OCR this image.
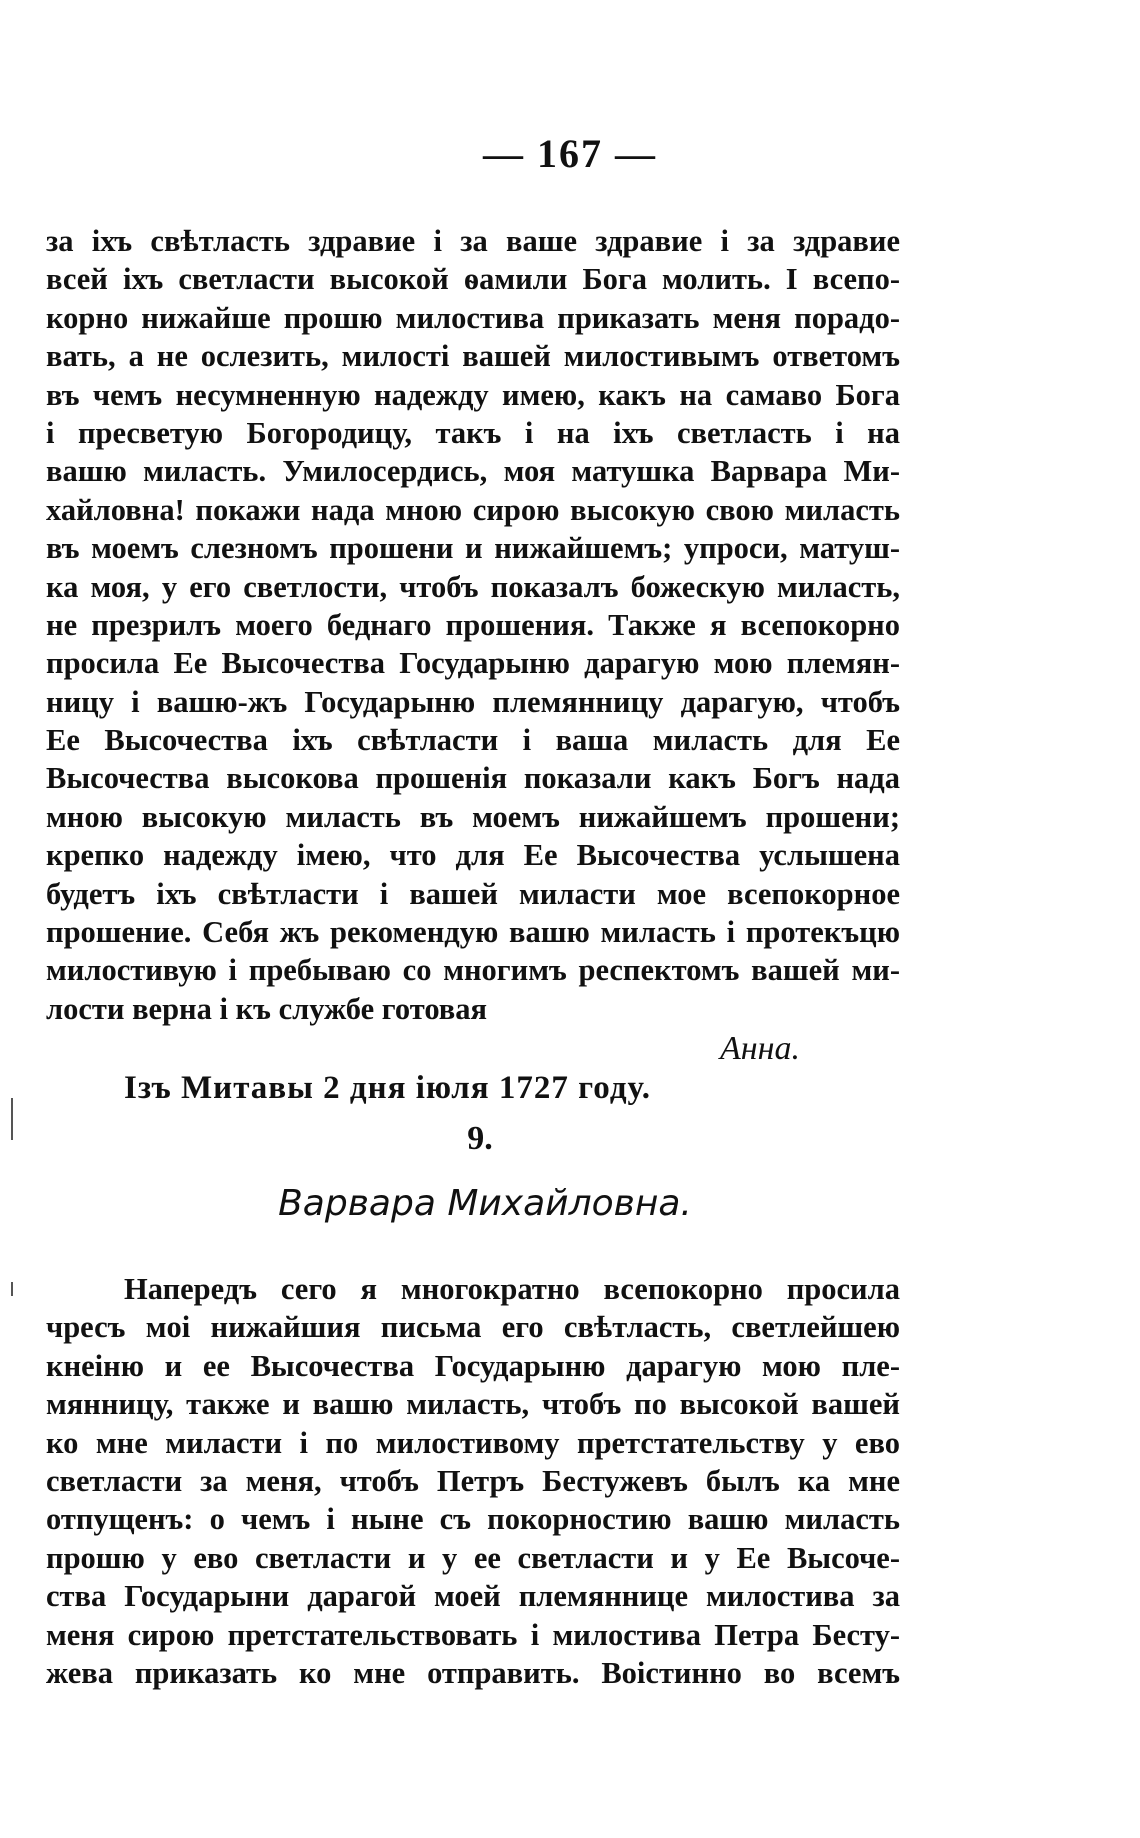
— 167 —
за іхъ свѣтласть здравие і за ваше здравие і за здравие
всей іхъ светласти высокой ѳамили Бога молить. І всепо-
корно нижайше прошю милостива приказать меня порадо-
вать, а не ослезить, милості вашей милостивымъ ответомъ
въ чемъ несумненную надежду имею, какъ на самаво Бога
і пресветую Богородицу, такъ і на іхъ светласть і на
вашю миласть. Умилосердись, моя матушка Варвара Ми-
хайловна! покажи нада мною сирою высокую свою миласть
въ моемъ слезномъ прошени и нижайшемъ; упроси, матуш-
ка моя, у его светлости, чтобъ показалъ божескую миласть,
не презрилъ моего беднаго прошения. Также я всепокорно
просила Ее Высочества Государыню дарагую мою племян-
ницу і вашю-жъ Государыню племянницу дарагую, чтобъ
Ее Высочества іхъ свѣтласти і ваша миласть для Ее
Высочества высокова прошенія показали какъ Богъ нада
мною высокую миласть въ моемъ нижайшемъ прошени;
крепко надежду імею, что для Ее Высочества услышена
будетъ іхъ свѣтласти і вашей миласти мое всепокорное
прошение. Себя жъ рекомендую вашю миласть і протекъцю
милостивую і пребываю со многимъ респектомъ вашей ми-
лости верна і къ службе готовая
Анна.
Ізъ Митавы 2 дня іюля 1727 году.
9.
Варвара Михайловна.
Напередъ сего я многократно всепокорно просила
чресъ мoі нижайшия письма его свѣтласть, светлейшею
кнеіню и ее Высочества Государыню дарагую мою пле-
мянницу, также и вашю миласть, чтобъ по высокой вашей
ко мне миласти і по милостивому претстательству у ево
светласти за меня, чтобъ Петръ Бестужевъ былъ ка мне
отпущенъ: о чемъ і ныне съ покорностию вашю миласть
прошю у ево светласти и у ее светласти и у Ее Высоче-
ства Государыни дарагой моей племяннице милостива за
меня сирою претстательствовать і милостива Петра Бесту-
жева приказать ко мне отправить. Воістинно во всемъ
